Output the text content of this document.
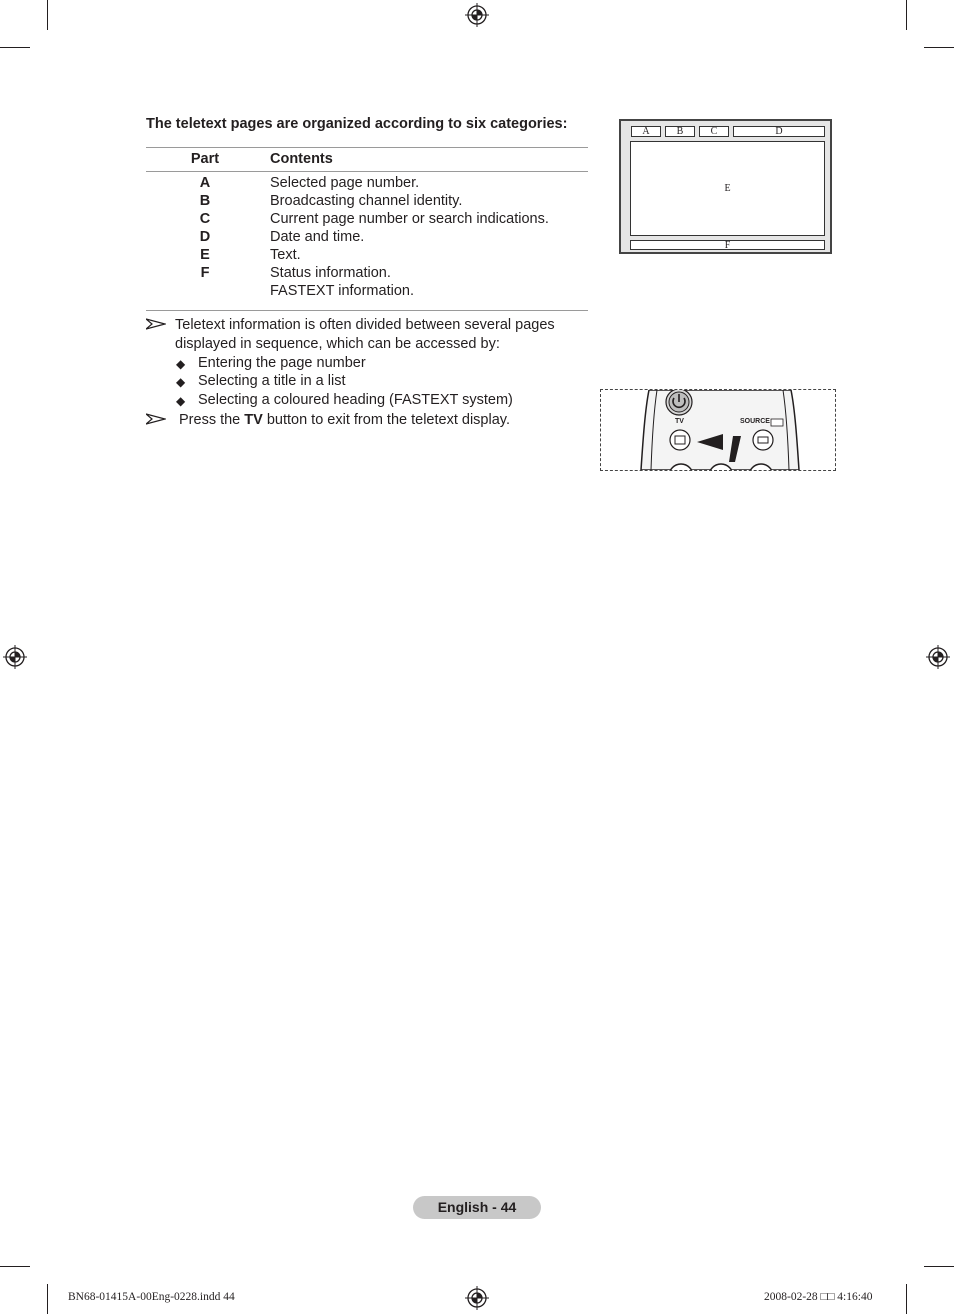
The teletext pages are organized according to six categories:
Part	Contents
A	Selected page number.
B	Broadcasting channel identity.
C	Current page number or search indications.
D	Date and time.
E	Text.
F	Status information.
FASTEXT information.
Teletext information is often divided between several pages
displayed in sequence, which can be accessed by:
◆ Entering the page number
◆ Selecting a title in a list
◆ Selecting a coloured heading (FASTEXT system)
Press the TV button to exit from the teletext display.
A	B	C	D
E
F
TV	SOURCE
English - 44
BN68-01415A-00Eng-0228.indd 44	2008-02-28 □□ 4:16:40
